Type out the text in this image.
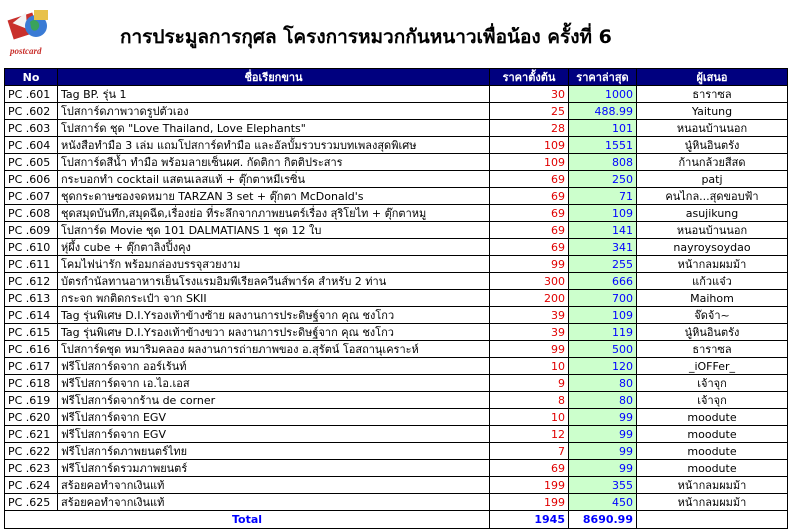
postcard
การประมูลการกุศล โครงการหมวกกันหนาวเพื่อน้อง ครั้งที่ 6
No	ชื่อเรียกขาน	ราคาตั้งต้น	ราคาล่าสุด	ผู้เสนอ
PC .601	Tag BP. รุ่น 1	30	1000	ธาราซล
PC .602	โปสการ์ดภาพวาดรูปตัวเอง	25	488.99	Yaitung
PC .603	โปสการ์ด ชุด "Love Thailand, Love Elephants"	28	101	หนอนบ้านนอก
PC .604	หนังสือทำมือ 3 เล่ม แถมโปสการ์ดทำมือ และอัลบั้มรวบรวมบทเพลงสุดพิเศษ	109	1551	นู๋หินอินตรัง
PC .605	โปสการ์ดสีน้ำ ทำมือ พร้อมลายเซ็นผศ. กัดติกา กิตติประสาร	109	808	ก้านกล้วยสีสด
PC .606	กระบอกทำ cocktail แสตนเลสแท้ + ตุ๊กตาหมีเรซิ่น	69	250	patj
PC .607	ชุดกระดาษซองจดหมาย TARZAN 3 set + ตุ๊กตา McDonald's	69	71	คนไกล...สุดขอบฟ้า
PC .608	ชุดสมุดบันทึก,สมุดฉีด,เรื่องย่อ ที่ระลึกจากภาพยนตร์เรื่อง สุริโยไท + ตุ๊กตาหมู	69	109	asujikung
PC .609	โปสการ์ด Movie ชุด 101 DALMATIANS 1 ชุด 12 ใบ	69	141	หนอนบ้านนอก
PC .610	หุ่ผึ้ง cube + ตุ๊กตาลิงปิ้งคุง	69	341	nayroysoydao
PC .611	โคมไฟน่ารัก พร้อมกล่องบรรจุสวยงาม	99	255	หน้ากลมผมม้า
PC .612	บัตรกำนัลทานอาหารเย็นโรงแรมอิมพีเรียลควีนส์พาร์ค สำหรับ 2 ท่าน	300	666	แก้วแจ๋ว
PC .613	กระจก พกติดกระเป๋า จาก SKII	200	700	Maihom
PC .614	Tag รุ่นพิเศษ D.I.Yรองเท้าข้างซ้าย ผลงานการประดิษฐ์จาก คุณ ชงโกว	39	109	จ๊ดจ้า~
PC .615	Tag รุ่นพิเศษ D.I.Yรองเท้าข้างขวา ผลงานการประดิษฐ์จาก คุณ ชงโกว	39	119	นู๋หินอินตรัง
PC .616	โปสการ์ดชุด หมาริมคลอง ผลงานการถ่ายภาพของ อ.สุรัตน์ โอสถานุเคราะห์	99	500	ธาราซล
PC .617	ฟรีโปสการ์ดจาก ออร์เร้นท์	10	120	_iOFFer_
PC .618	ฟรีโปสการ์ดจาก เอ.ไอ.เอส	9	80	เจ้าจุก
PC .619	ฟรีโปสการ์ดจากร้าน de corner	8	80	เจ้าจุก
PC .620	ฟรีโปสการ์ดจาก EGV	10	99	moodute
PC .621	ฟรีโปสการ์ดจาก EGV	12	99	moodute
PC .622	ฟรีโปสการ์ดภาพยนตร์ไทย	7	99	moodute
PC .623	ฟรีโปสการ์ดรวมภาพยนตร์	69	99	moodute
PC .624	สร้อยคอทำจากเงินแท้	199	355	หน้ากลมผมม้า
PC .625	สร้อยคอทำจากเงินแท้	199	450	หน้ากลมผมม้า
Total		1945	8690.99	
